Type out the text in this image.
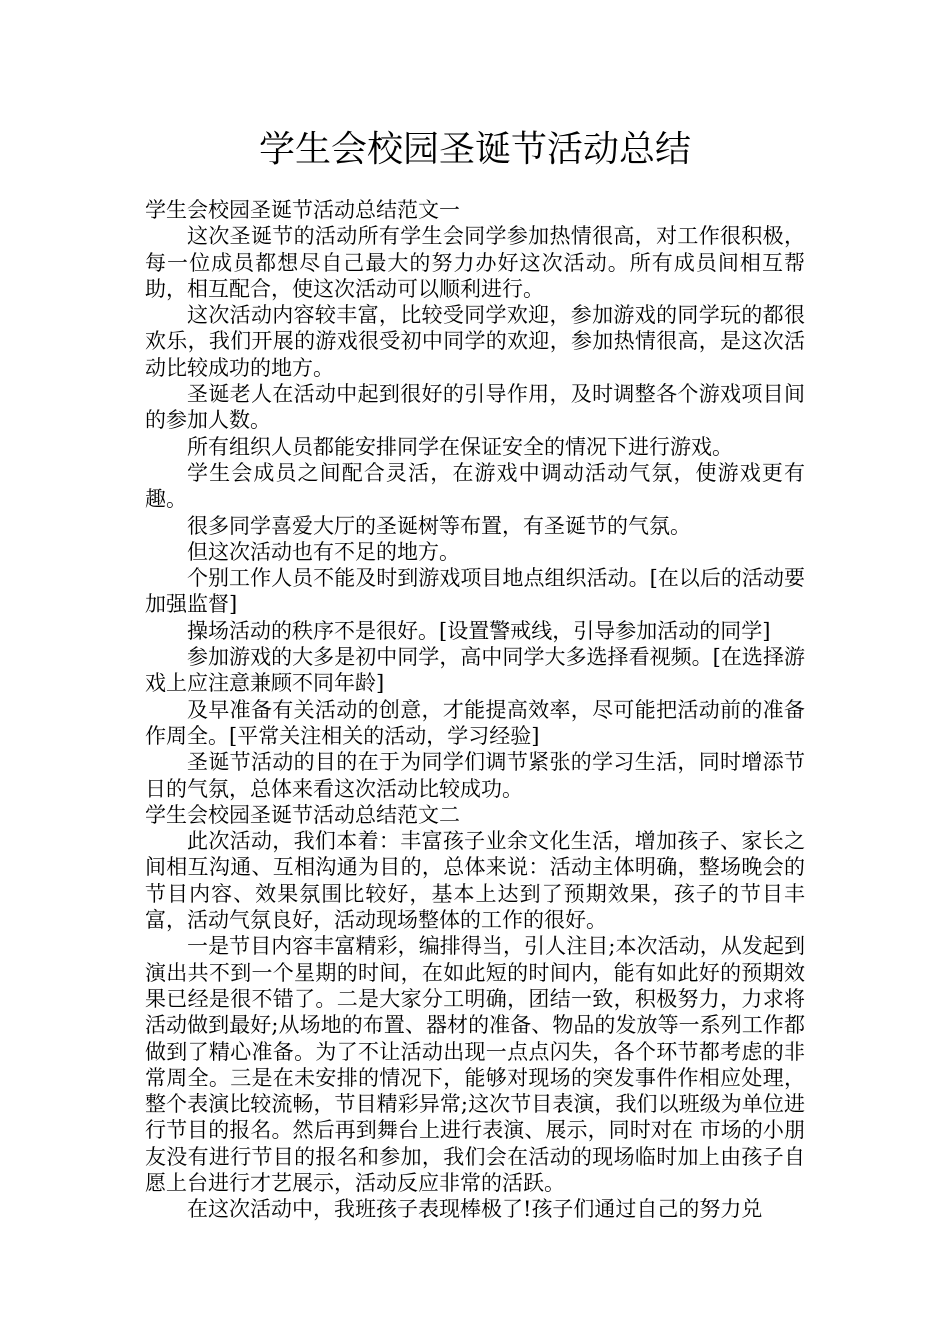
学生会校园圣诞节活动总结

学生会校园圣诞节活动总结范文一

这次圣诞节的活动所有学生会同学参加热情很高，对工作很积极，每一位成员都想尽自己最大的努力办好这次活动。所有成员间相互帮助，相互配合，使这次活动可以顺利进行。

这次活动内容较丰富，比较受同学欢迎，参加游戏的同学玩的都很欢乐，我们开展的游戏很受初中同学的欢迎，参加热情很高，是这次活动比较成功的地方。

圣诞老人在活动中起到很好的引导作用，及时调整各个游戏项目间的参加人数。

所有组织人员都能安排同学在保证安全的情况下进行游戏。

学生会成员之间配合灵活，在游戏中调动活动气氛，使游戏更有趣。

很多同学喜爱大厅的圣诞树等布置，有圣诞节的气氛。

但这次活动也有不足的地方。

个别工作人员不能及时到游戏项目地点组织活动。[在以后的活动要加强监督]

操场活动的秩序不是很好。[设置警戒线，引导参加活动的同学]

参加游戏的大多是初中同学，高中同学大多选择看视频。[在选择游戏上应注意兼顾不同年龄]

及早准备有关活动的创意，才能提高效率，尽可能把活动前的准备作周全。[平常关注相关的活动，学习经验]

圣诞节活动的目的在于为同学们调节紧张的学习生活，同时增添节日的气氛，总体来看这次活动比较成功。

学生会校园圣诞节活动总结范文二

此次活动，我们本着：丰富孩子业余文化生活，增加孩子、家长之间相互沟通、互相沟通为目的，总体来说：活动主体明确，整场晚会的节目内容、效果氛围比较好，基本上达到了预期效果，孩子的节目丰富，活动气氛良好，活动现场整体的工作的很好。

一是节目内容丰富精彩，编排得当，引人注目;本次活动，从发起到演出共不到一个星期的时间，在如此短的时间内，能有如此好的预期效果已经是很不错了。二是大家分工明确，团结一致，积极努力，力求将活动做到最好;从场地的布置、器材的准备、物品的发放等一系列工作都做到了精心准备。为了不让活动出现一点点闪失，各个环节都考虑的非常周全。三是在未安排的情况下，能够对现场的突发事件作相应处理，整个表演比较流畅，节目精彩异常;这次节目表演，我们以班级为单位进行节目的报名。然后再到舞台上进行表演、展示，同时对在 市场的小朋友没有进行节目的报名和参加，我们会在活动的现场临时加上由孩子自愿上台进行才艺展示，活动反应非常的活跃。

在这次活动中，我班孩子表现棒极了!孩子们通过自己的努力兑
